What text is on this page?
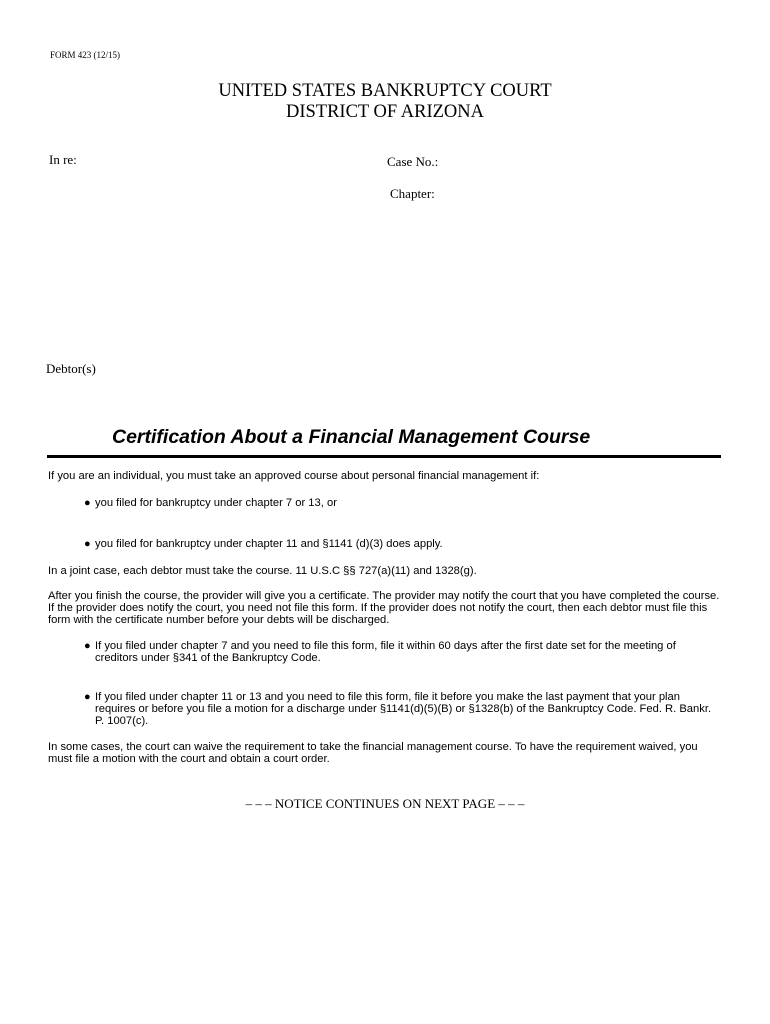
FORM 423 (12/15)
UNITED STATES BANKRUPTCY COURT
DISTRICT OF ARIZONA
In re:	Case No.:
Chapter:
Debtor(s)
Certification About a Financial Management Course
If you are an individual, you must take an approved course about personal financial management if:
● you filed for bankruptcy under chapter 7 or 13, or
● you filed for bankruptcy under chapter 11 and §1141 (d)(3) does apply.
In a joint case, each debtor must take the course. 11 U.S.C §§ 727(a)(11) and 1328(g).
After you finish the course, the provider will give you a certificate. The provider may notify the court that you have completed the course. If the provider does notify the court, you need not file this form. If the provider does not notify the court, then each debtor must file this form with the certificate number before your debts will be discharged.
● If you filed under chapter 7 and you need to file this form, file it within 60 days after the first date set for the meeting of creditors under §341 of the Bankruptcy Code.
● If you filed under chapter 11 or 13 and you need to file this form, file it before you make the last payment that your plan requires or before you file a motion for a discharge under §1141(d)(5)(B) or §1328(b) of the Bankruptcy Code. Fed. R. Bankr. P. 1007(c).
In some cases, the court can waive the requirement to take the financial management course. To have the requirement waived, you must file a motion with the court and obtain a court order.
– – – NOTICE CONTINUES ON NEXT PAGE – – –
